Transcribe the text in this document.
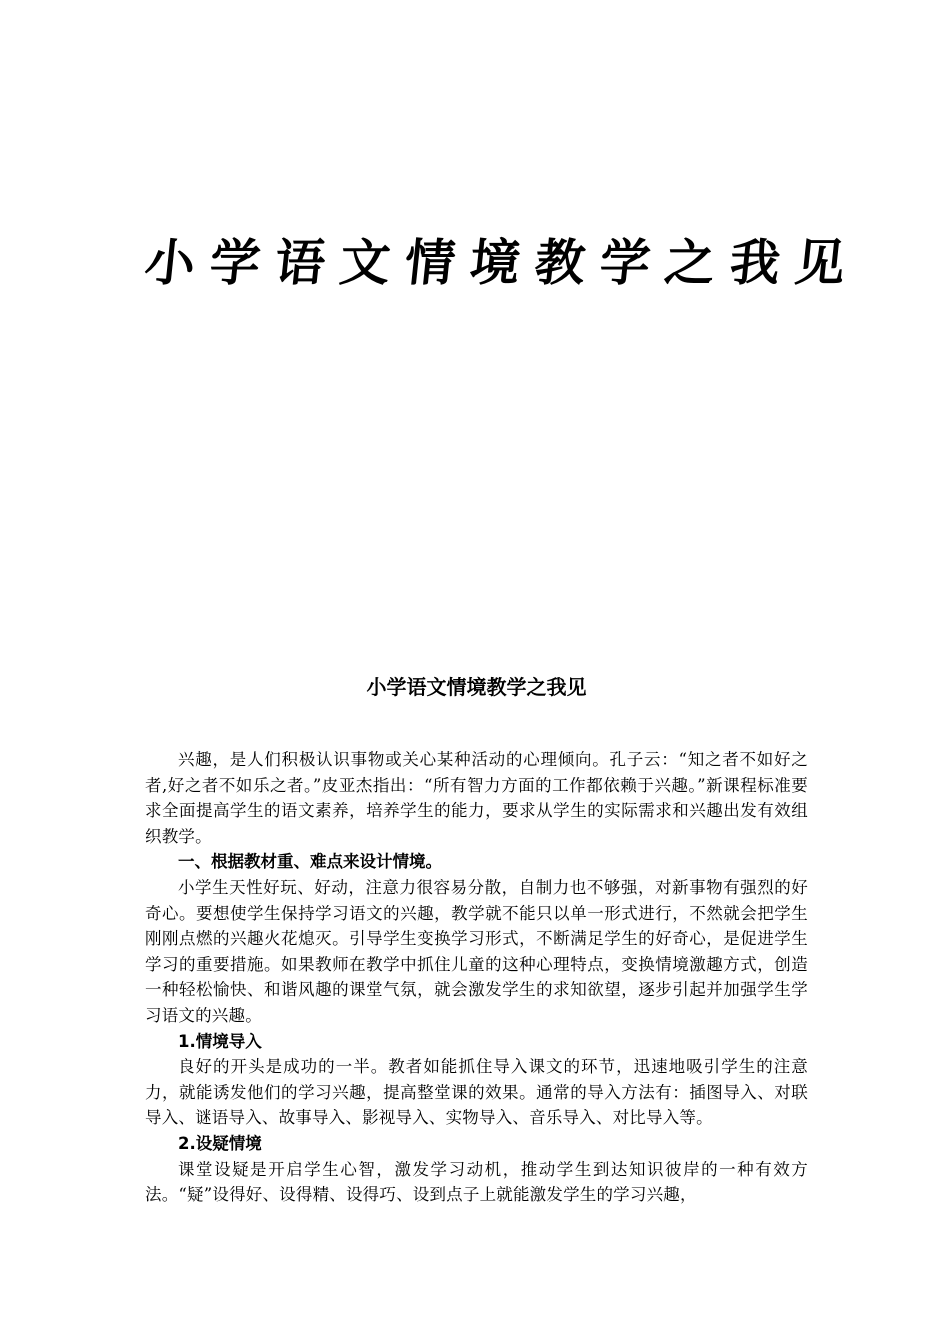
小学语文情境教学之我见
小学语文情境教学之我见

兴趣，是人们积极认识事物或关心某种活动的心理倾向。孔子云：“知之者不如好之者,好之者不如乐之者。”皮亚杰指出：“所有智力方面的工作都依赖于兴趣。”新课程标准要求全面提高学生的语文素养，培养学生的能力，要求从学生的实际需求和兴趣出发有效组织教学。

一、根据教材重、难点来设计情境。

小学生天性好玩、好动，注意力很容易分散，自制力也不够强，对新事物有强烈的好奇心。要想使学生保持学习语文的兴趣，教学就不能只以单一形式进行，不然就会把学生刚刚点燃的兴趣火花熄灭。引导学生变换学习形式，不断满足学生的好奇心，是促进学生学习的重要措施。如果教师在教学中抓住儿童的这种心理特点，变换情境激趣方式，创造一种轻松愉快、和谐风趣的课堂气氛，就会激发学生的求知欲望，逐步引起并加强学生学习语文的兴趣。

1.情境导入

良好的开头是成功的一半。教者如能抓住导入课文的环节，迅速地吸引学生的注意力，就能诱发他们的学习兴趣，提高整堂课的效果。通常的导入方法有：插图导入、对联导入、谜语导入、故事导入、影视导入、实物导入、音乐导入、对比导入等。

2.设疑情境

课堂设疑是开启学生心智，激发学习动机，推动学生到达知识彼岸的一种有效方法。“疑”设得好、设得精、设得巧、设到点子上就能激发学生的学习兴趣，
